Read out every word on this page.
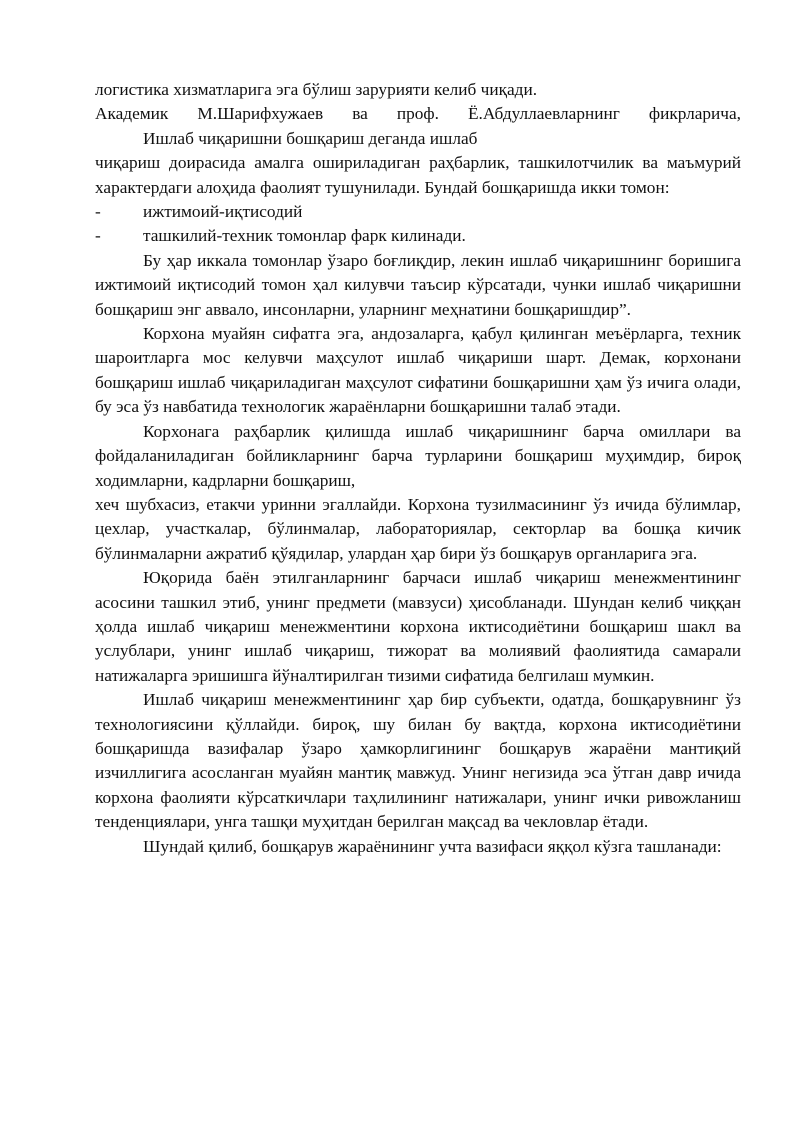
логистика хизматларига эга бўлиш зарурияти келиб чиқади.

Академик М.Шарифхужаев ва проф. Ё.Абдуллаевларнинг фикрларича,

Ишлаб чиқаришни бошқариш деганда ишлаб

чиқариш доирасида амалга ошириладиган раҳбарлик, ташкилотчилик ва маъмурий характердаги алоҳида фаолият тушунилади. Бундай бошқаришда икки томон:

-	ижтимоий-иқтисодий
-	ташкилий-техник томонлар фарк килинади.

Бу ҳар иккала томонлар ўзаро боғлиқдир, лекин ишлаб чиқаришнинг боришига ижтимоий иқтисодий томон ҳал килувчи таъсир кўрсатади, чунки ишлаб чиқаришни бошқариш энг аввало, инсонларни, уларнинг меҳнатини бошқаришдир”.

Корхона муайян сифатга эга, андозаларга, қабул қилинган меъёрларга, техник шароитларга мос келувчи маҳсулот ишлаб чиқариши шарт. Демак, корхонани бошқариш ишлаб чиқариладиган маҳсулот сифатини бошқаришни ҳам ўз ичига олади, бу эса ўз навбатида технологик жараёнларни бошқаришни талаб этади.

Корхонага раҳбарлик қилишда ишлаб чиқаришнинг барча омиллари ва фойдаланиладиган бойликларнинг барча турларини бошқариш муҳимдир, бироқ ходимларни, кадрларни бошқариш,

хеч шубхасиз, етакчи уринни эгаллайди. Корхона тузилмасининг ўз ичида бўлимлар, цехлар, участкалар, бўлинмалар, лабораториялар, секторлар ва бошқа кичик бўлинмаларни ажратиб қўядилар, улардан ҳар бири ўз бошқарув органларига эга.

Юқорида баён этилганларнинг барчаси ишлаб чиқариш менежментининг асосини ташкил этиб, унинг предмети (мавзуси) ҳисобланади. Шундан келиб чиққан ҳолда ишлаб чиқариш менежментини корхона иктисодиётини бошқариш шакл ва услублари, унинг ишлаб чиқариш, тижорат ва молиявий фаолиятида самарали натижаларга эришишга йўналтирилган тизими сифатида белгилаш мумкин.

Ишлаб чиқариш менежментининг ҳар бир субъекти, одатда, бошқарувнинг ўз технологиясини қўллайди. бироқ, шу билан бу вақтда, корхона иктисодиётини бошқаришда вазифалар ўзаро ҳамкорлигининг бошқарув жараёни мантиқий изчиллигига асосланган муайян мантиқ мавжуд. Унинг негизида эса ўтган давр ичида корхона фаолияти кўрсаткичлари таҳлилининг натижалари, унинг ички ривожланиш тенденциялари, унга ташқи муҳитдан берилган мақсад ва чекловлар ётади.

Шундай қилиб, бошқарув жараёнининг учта вазифаси яққол кўзга ташланади:
